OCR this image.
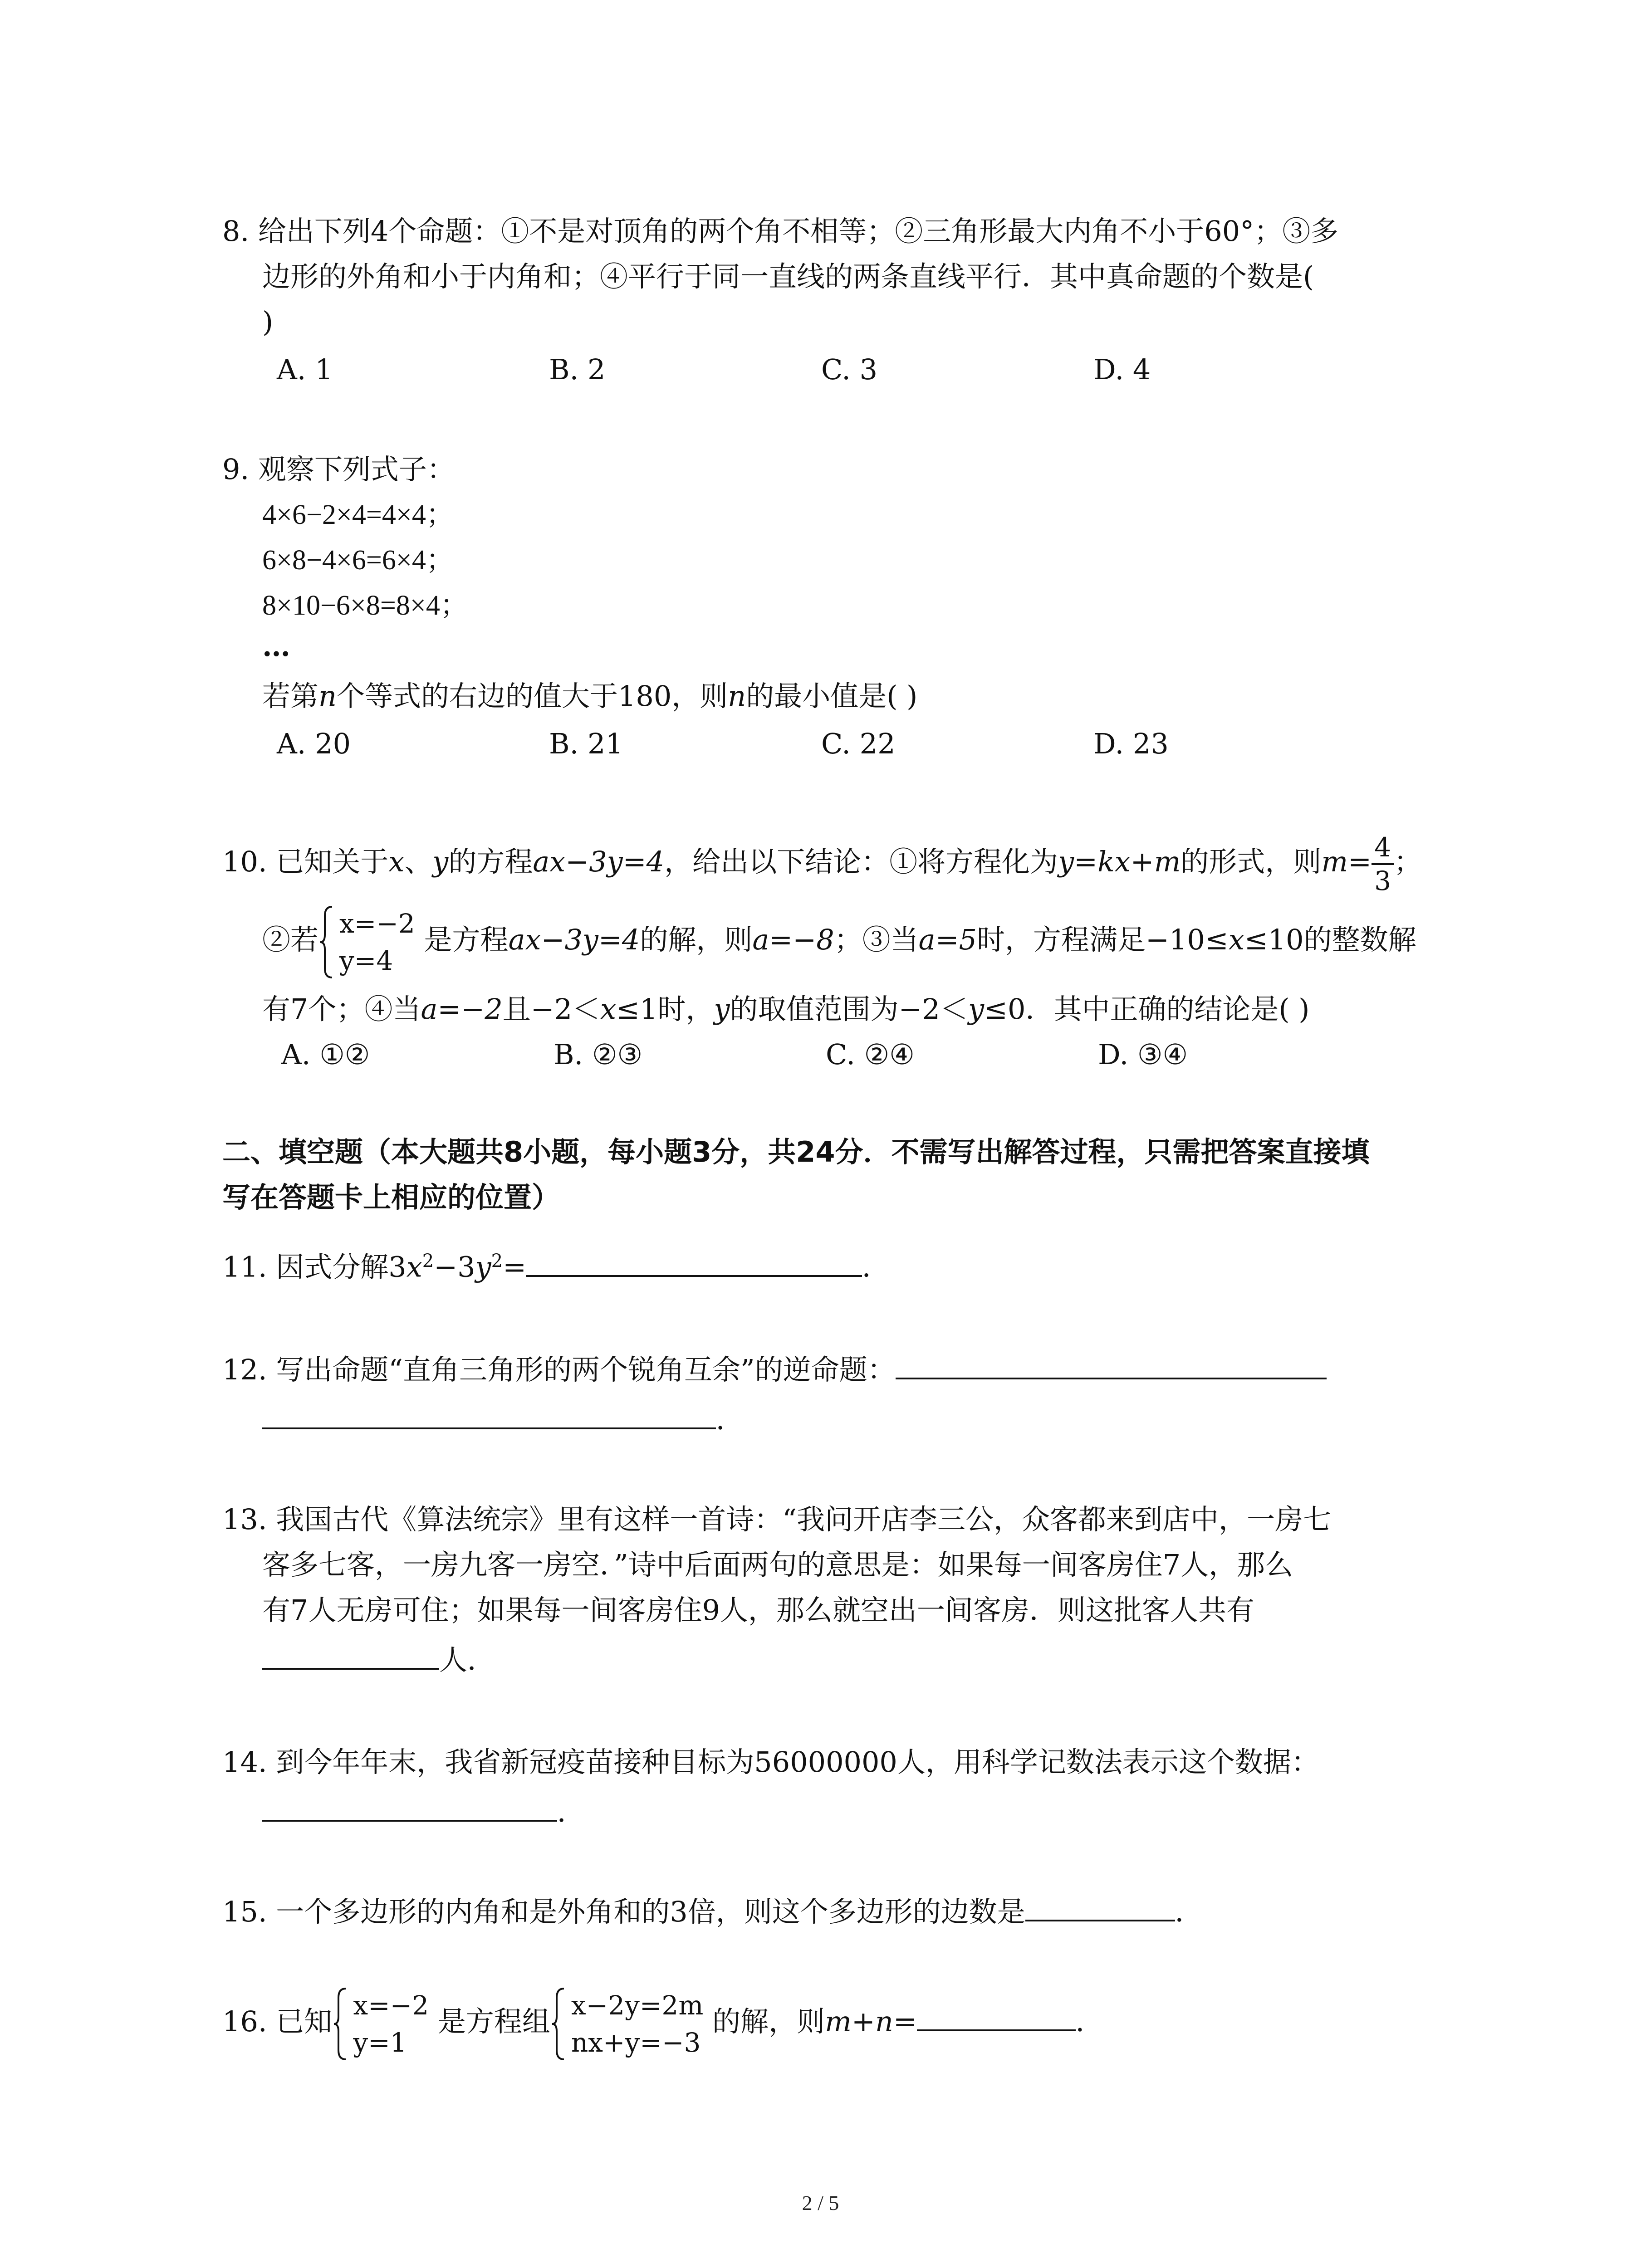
8. 给出下列4个命题：①不是对顶角的两个角不相等；②三角形最大内角不小于60°；③多
边形的外角和小于内角和；④平行于同一直线的两条直线平行．其中真命题的个数是(
)
A. 1	B. 2	C. 3	D. 4
9. 观察下列式子：
4×6−2×4=4×4；
6×8−4×6=6×4；
8×10−6×8=8×4；
…
若第n个等式的右边的值大于180，则n的最小值是( )
A. 20	B. 21	C. 22	D. 23
10. 已知关于x、y的方程ax−3y=4，给出以下结论：①将方程化为y=kx+m的形式，则$m= \frac{4}{3}$ ；
②若 x=−2
y=4
是方程ax−3y=4的解，则a=−8；③当a=5时，方程满足−10≤x≤10的整数解
有7个；④当a=−2且−2＜x≤1时，y的取值范围为−2＜y≤0．其中正确的结论是( )
A. ①②	B. ②③	C. ②④	D. ③④
二、填空题（本大题共8小题，每小题3分，共24分．不需写出解答过程，只需把答案直接填
写在答题卡上相应的位置）
11. 因式分解$3x^2-3y^2=$	．
12. 写出命题“直角三角形的两个锐角互余”的逆命题：
．
13. 我国古代《算法统宗》里有这样一首诗：“我问开店李三公，众客都来到店中，一房七
客多七客，一房九客一房空．”诗中后面两句的意思是：如果每一间客房住7人，那么
有7人无房可住；如果每一间客房住9人，那么就空出一间客房．则这批客人共有
人．
14. 到今年年末，我省新冠疫苗接种目标为56000000人，用科学记数法表示这个数据：
．
15. 一个多边形的内角和是外角和的3倍，则这个多边形的边数是	．
16. 已知 x=−2
y=1
是方程组 x−2y=2m
nx+y=−3
的解，则m+n=	．
2 / 5
